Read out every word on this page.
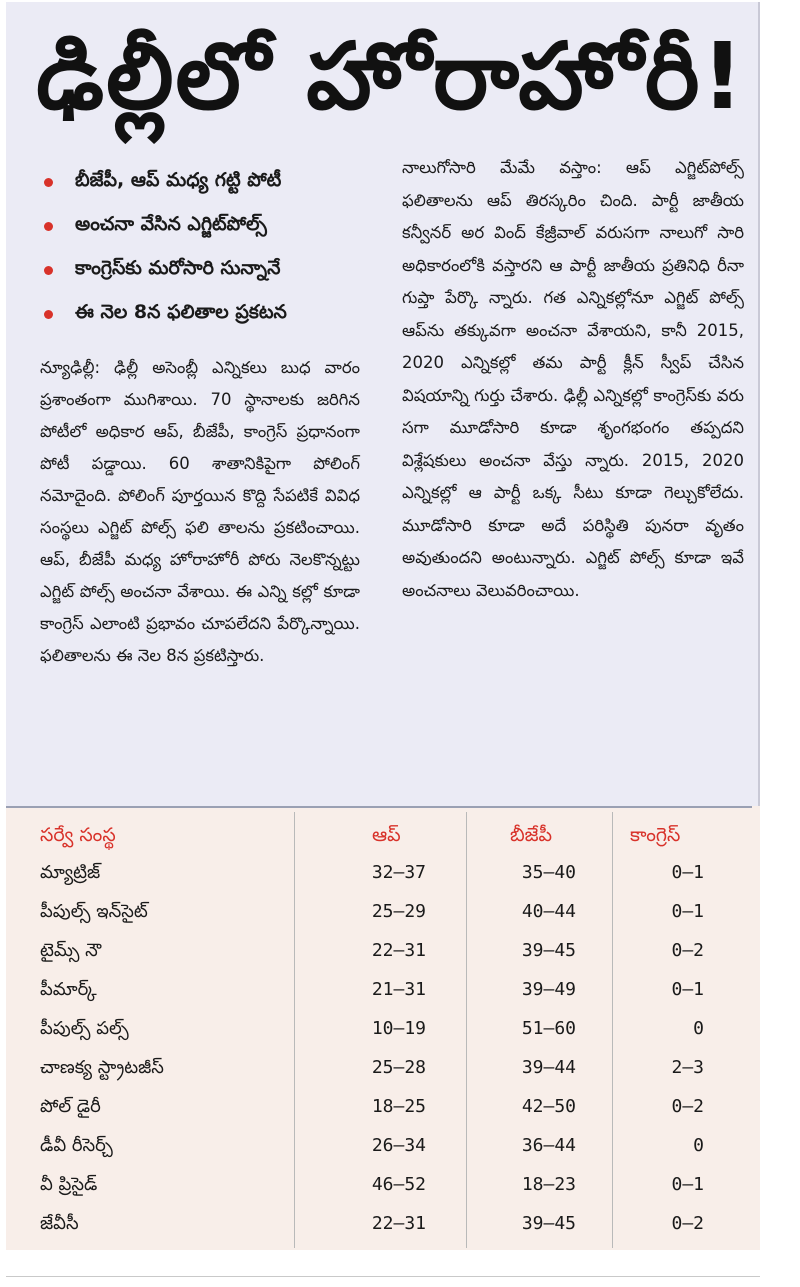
ఢిల్లీలో హోరాహోరీ!
బీజేపీ, ఆప్ మధ్య గట్టి పోటీ
అంచనా వేసిన ఎగ్జిట్‌పోల్స్
కాంగ్రెస్‌కు మరోసారి సున్నానే
ఈ నెల 8న ఫలితాల ప్రకటన
న్యూఢిల్లీ: ఢిల్లీ అసెంబ్లీ ఎన్నికలు బుధ వారం ప్రశాంతంగా ముగిశాయి. 70 స్థానాలకు జరిగిన పోటీలో అధికార ఆప్, బీజేపీ, కాంగ్రెస్ ప్రధానంగా పోటీ పడ్డాయి. 60 శాతానికిపైగా పోలింగ్ నమోదైంది. పోలింగ్ పూర్తయిన కొద్ది సేపటికే వివిధ సంస్థలు ఎగ్జిట్ పోల్స్ ఫలి తాలను ప్రకటించాయి. ఆప్, బీజేపీ మధ్య హోరాహోరీ పోరు నెలకొన్నట్టు ఎగ్జిట్ పోల్స్ అంచనా వేశాయి. ఈ ఎన్ని కల్లో కూడా కాంగ్రెస్ ఎలాంటి ప్రభావం చూపలేదని పేర్కొన్నాయి. ఫలితాలను ఈ నెల 8న ప్రకటిస్తారు.
నాలుగోసారి మేమే వస్తాం: ఆప్ ఎగ్జిట్‌పోల్స్ ఫలితాలను ఆప్ తిరస్కరిం చింది. పార్టీ జాతీయ కన్వీనర్ అర వింద్ కేజ్రీవాల్ వరుసగా నాలుగో సారి అధికారంలోకి వస్తారని ఆ పార్టీ జాతీయ ప్రతినిధి రీనా గుప్తా పేర్కొ న్నారు. గత ఎన్నికల్లోనూ ఎగ్జిట్ పోల్స్ ఆప్‌ను తక్కువగా అంచనా వేశాయని, కానీ 2015, 2020 ఎన్నికల్లో తమ పార్టీ క్లీన్ స్వీప్ చేసిన విషయాన్ని గుర్తు చేశారు. ఢిల్లీ ఎన్నికల్లో కాంగ్రెస్‌కు వరు సగా మూడోసారి కూడా శృంగభంగం తప్పదని విశ్లేషకులు అంచనా వేస్తు న్నారు. 2015, 2020 ఎన్నికల్లో ఆ పార్టీ ఒక్క సీటు కూడా గెల్చుకోలేదు. మూడోసారి కూడా అదే పరిస్థితి పునరా వృతం అవుతుందని అంటున్నారు. ఎగ్జిట్ పోల్స్ కూడా ఇవే అంచనాలు వెలువరించాయి.
సర్వే సంస్థ	ఆప్	బీజేపీ	కాంగ్రెస్
మ్యాట్రిజ్	32–37	35–40	0–1
పీపుల్స్ ఇన్‌సైట్	25–29	40–44	0–1
టైమ్స్ నౌ	22–31	39–45	0–2
పీమార్క్	21–31	39–49	0–1
పీపుల్స్ పల్స్	10–19	51–60	0
చాణక్య స్ట్రాటజీస్	25–28	39–44	2–3
పోల్ డైరీ	18–25	42–50	0–2
డీవీ రీసెర్చ్	26–34	36–44	0
వీ ప్రిసైడ్	46–52	18–23	0–1
జేవీసీ	22–31	39–45	0–2
